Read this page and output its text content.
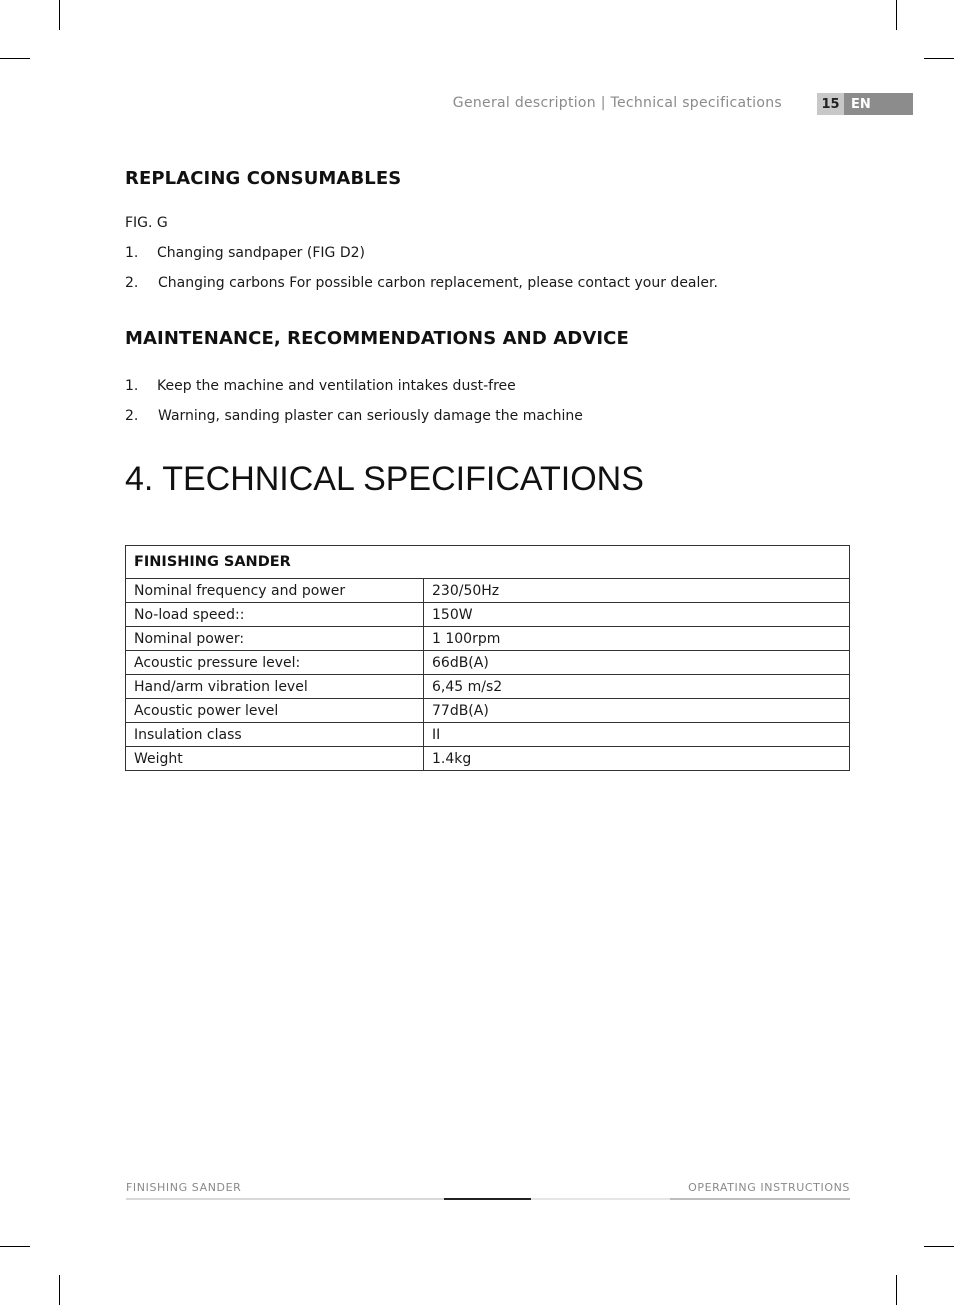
General description | Technical specifications	15 EN
REPLACING CONSUMABLES
FIG. G
1.	Changing sandpaper (FIG D2)
2.	Changing carbons For possible carbon replacement, please contact your dealer.
MAINTENANCE, RECOMMENDATIONS AND ADVICE
1.	Keep the machine and ventilation intakes dust-free
2.	Warning, sanding plaster can seriously damage the machine
4. TECHNICAL SPECIFICATIONS
FINISHING SANDER	
Nominal frequency and power	230/50Hz
No-load speed::	150W
Nominal power:	1 100rpm
Acoustic pressure level:	66dB(A)
Hand/arm vibration level	6,45 m/s2
Acoustic power level	77dB(A)
Insulation class	II
Weight	1.4kg
FINISHING SANDER	OPERATING INSTRUCTIONS
